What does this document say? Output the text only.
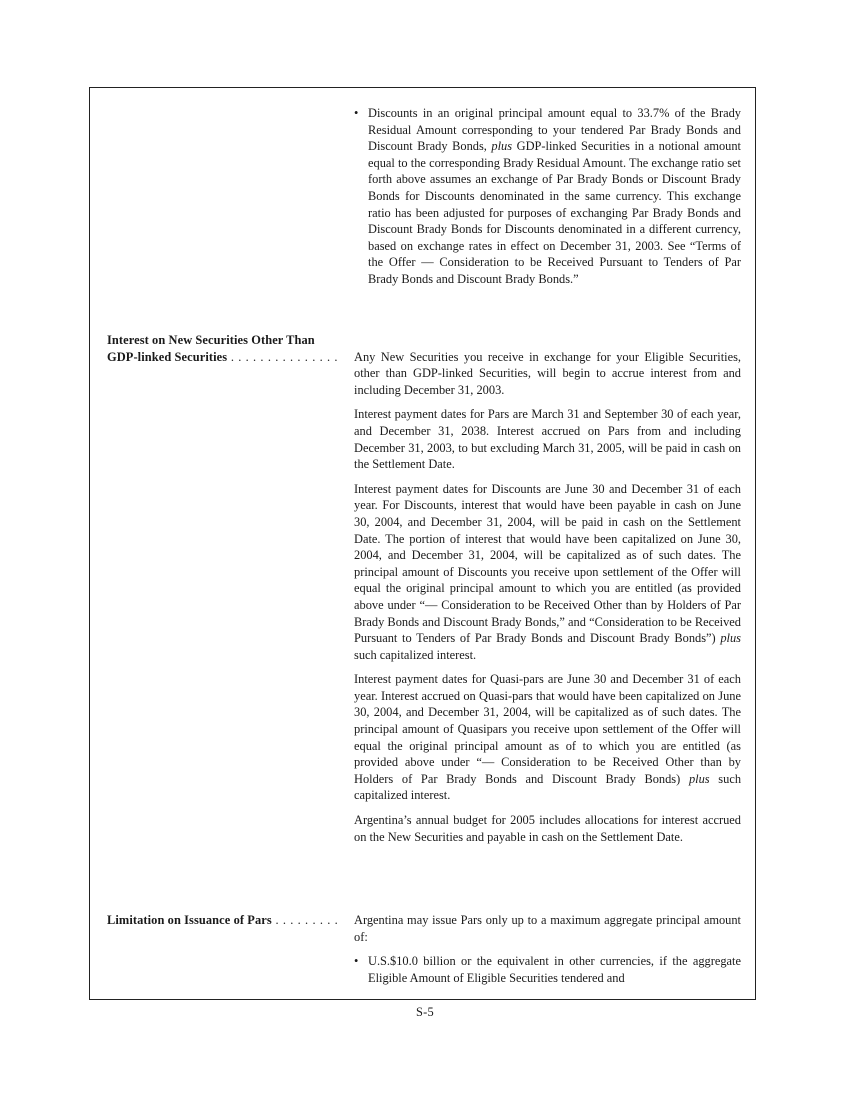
• Discounts in an original principal amount equal to 33.7% of the Brady Residual Amount corresponding to your tendered Par Brady Bonds and Discount Brady Bonds, plus GDP-linked Securities in a notional amount equal to the corresponding Brady Residual Amount. The exchange ratio set forth above assumes an exchange of Par Brady Bonds or Discount Brady Bonds for Discounts denominated in the same currency. This exchange ratio has been adjusted for purposes of exchanging Par Brady Bonds and Discount Brady Bonds for Discounts denominated in a different currency, based on exchange rates in effect on December 31, 2003. See “Terms of the Offer — Consideration to be Received Pursuant to Tenders of Par Brady Bonds and Discount Brady Bonds.”
Interest on New Securities Other Than
GDP-linked Securities . . .	Any New Securities you receive in exchange for your Eligible Securities, other than GDP-linked Securities, will begin to accrue interest from and including December 31, 2003.

Interest payment dates for Pars are March 31 and September 30 of each year, and December 31, 2038. Interest accrued on Pars from and including December 31, 2003, to but excluding March 31, 2005, will be paid in cash on the Settlement Date.

Interest payment dates for Discounts are June 30 and December 31 of each year. For Discounts, interest that would have been payable in cash on June 30, 2004, and December 31, 2004, will be paid in cash on the Settlement Date. The portion of interest that would have been capitalized on June 30, 2004, and December 31, 2004, will be capitalized as of such dates. The principal amount of Discounts you receive upon settlement of the Offer will equal the original principal amount to which you are entitled (as provided above under “— Consideration to be Received Other than by Holders of Par Brady Bonds and Discount Brady Bonds,” and “Consideration to be Received Pursuant to Tenders of Par Brady Bonds and Discount Brady Bonds”) plus such capitalized interest.

Interest payment dates for Quasi-pars are June 30 and December 31 of each year. Interest accrued on Quasi-pars that would have been capitalized on June 30, 2004, and December 31, 2004, will be capitalized as of such dates. The principal amount of Quasipars you receive upon settlement of the Offer will equal the original principal amount as of to which you are entitled (as provided above under “— Consideration to be Received Other than by Holders of Par Brady Bonds and Discount Brady Bonds) plus such capitalized interest.

Argentina’s annual budget for 2005 includes allocations for interest accrued on the New Securities and payable in cash on the Settlement Date.

Limitation on Issuance of Pars . . .	Argentina may issue Pars only up to a maximum aggregate principal amount of:

• U.S.$10.0 billion or the equivalent in other currencies, if the aggregate Eligible Amount of Eligible Securities tendered and
S-5
